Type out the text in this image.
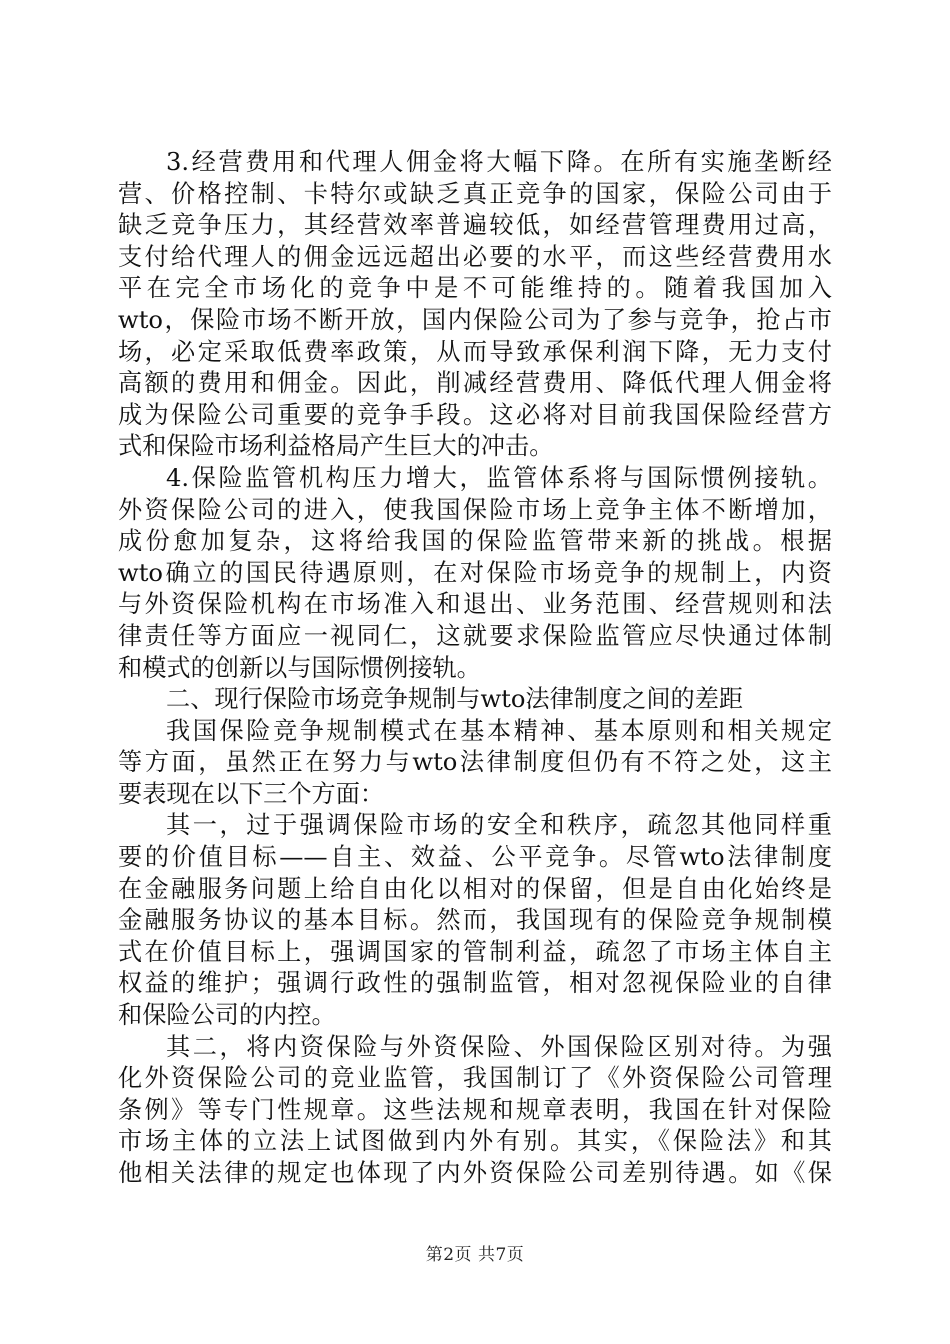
3.经营费用和代理人佣金将大幅下降。在所有实施垄断经
营、价格控制、卡特尔或缺乏真正竞争的国家，保险公司由于
缺乏竞争压力，其经营效率普遍较低，如经营管理费用过高，
支付给代理人的佣金远远超出必要的水平，而这些经营费用水
平在完全市场化的竞争中是不可能维持的。随着我国加入
wto，保险市场不断开放，国内保险公司为了参与竞争，抢占市
场，必定采取低费率政策，从而导致承保利润下降，无力支付
高额的费用和佣金。因此，削减经营费用、降低代理人佣金将
成为保险公司重要的竞争手段。这必将对目前我国保险经营方
式和保险市场利益格局产生巨大的冲击。
4.保险监管机构压力增大，监管体系将与国际惯例接轨。
外资保险公司的进入，使我国保险市场上竞争主体不断增加，
成份愈加复杂，这将给我国的保险监管带来新的挑战。根据
wto确立的国民待遇原则，在对保险市场竞争的规制上，内资
与外资保险机构在市场准入和退出、业务范围、经营规则和法
律责任等方面应一视同仁，这就要求保险监管应尽快通过体制
和模式的创新以与国际惯例接轨。
二、现行保险市场竞争规制与wto法律制度之间的差距
我国保险竞争规制模式在基本精神、基本原则和相关规定
等方面，虽然正在努力与wto法律制度但仍有不符之处，这主
要表现在以下三个方面：
其一，过于强调保险市场的安全和秩序，疏忽其他同样重
要的价值目标——自主、效益、公平竞争。尽管wto法律制度
在金融服务问题上给自由化以相对的保留，但是自由化始终是
金融服务协议的基本目标。然而，我国现有的保险竞争规制模
式在价值目标上，强调国家的管制利益，疏忽了市场主体自主
权益的维护；强调行政性的强制监管，相对忽视保险业的自律
和保险公司的内控。
其二，将内资保险与外资保险、外国保险区别对待。为强
化外资保险公司的竞业监管，我国制订了《外资保险公司管理
条例》等专门性规章。这些法规和规章表明，我国在针对保险
市场主体的立法上试图做到内外有别。其实，《保险法》和其
他相关法律的规定也体现了内外资保险公司差别待遇。如《保
第2页 共7页
